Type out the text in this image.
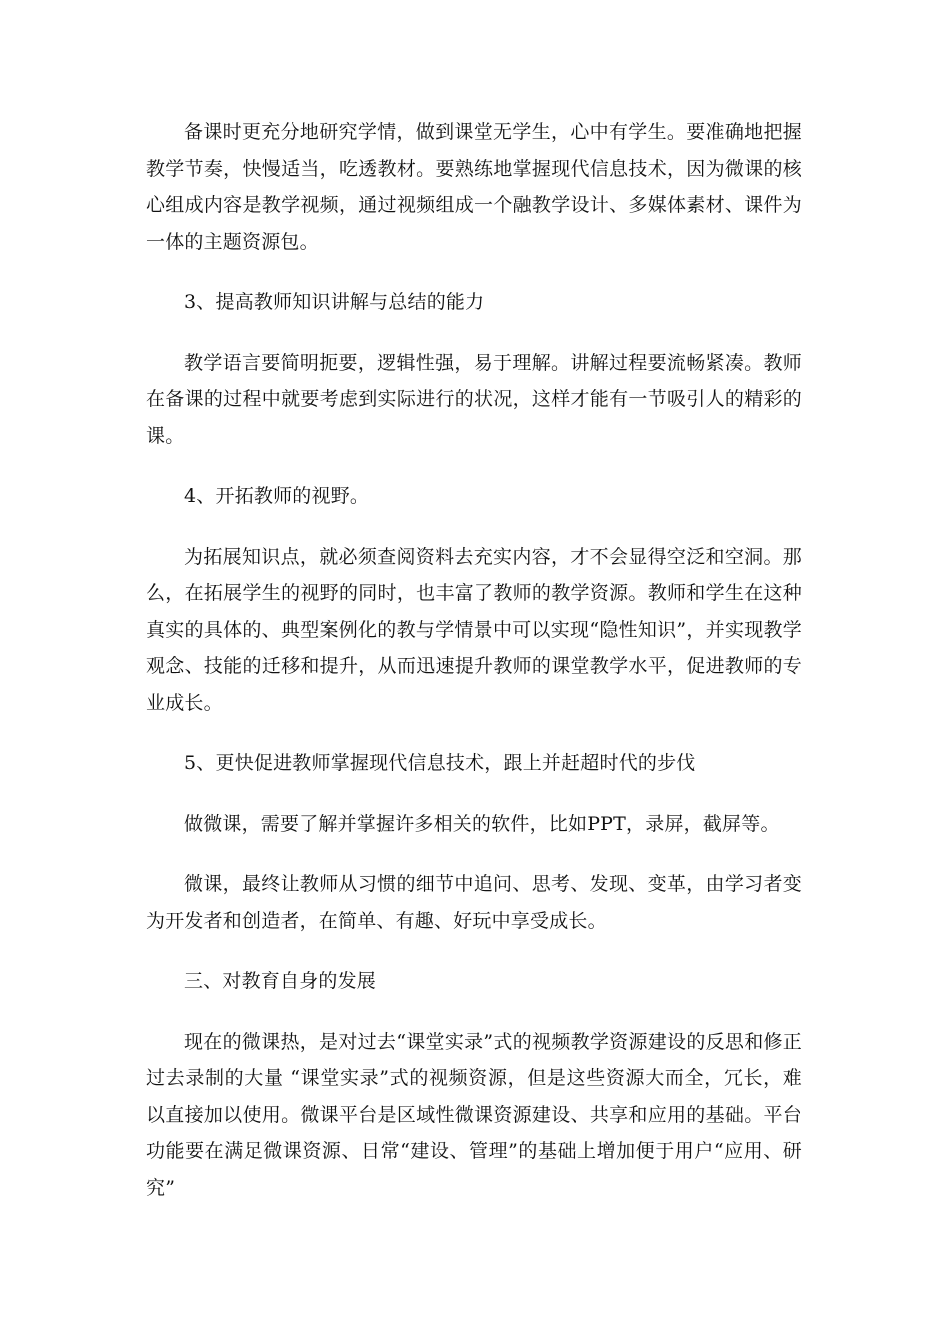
备课时更充分地研究学情，做到课堂无学生，心中有学生。要准确地把握教学节奏，快慢适当，吃透教材。要熟练地掌握现代信息技术，因为微课的核心组成内容是教学视频，通过视频组成一个融教学设计、多媒体素材、课件为一体的主题资源包。

3、提高教师知识讲解与总结的能力

教学语言要简明扼要，逻辑性强，易于理解。讲解过程要流畅紧凑。教师在备课的过程中就要考虑到实际进行的状况，这样才能有一节吸引人的精彩的课。

4、开拓教师的视野。

为拓展知识点，就必须查阅资料去充实内容，才不会显得空泛和空洞。那么，在拓展学生的视野的同时，也丰富了教师的教学资源。教师和学生在这种真实的具体的、典型案例化的教与学情景中可以实现“隐性知识”，并实现教学观念、技能的迁移和提升，从而迅速提升教师的课堂教学水平，促进教师的专业成长。

5、更快促进教师掌握现代信息技术，跟上并赶超时代的步伐

做微课，需要了解并掌握许多相关的软件，比如PPT，录屏，截屏等。

微课，最终让教师从习惯的细节中追问、思考、发现、变革，由学习者变为开发者和创造者，在简单、有趣、好玩中享受成长。

三、对教育自身的发展

现在的微课热，是对过去“课堂实录”式的视频教学资源建设的反思和修正过去录制的大量 “课堂实录”式的视频资源，但是这些资源大而全，冗长，难以直接加以使用。微课平台是区域性微课资源建设、共享和应用的基础。平台功能要在满足微课资源、日常“建设、管理”的基础上增加便于用户“应用、研究”
